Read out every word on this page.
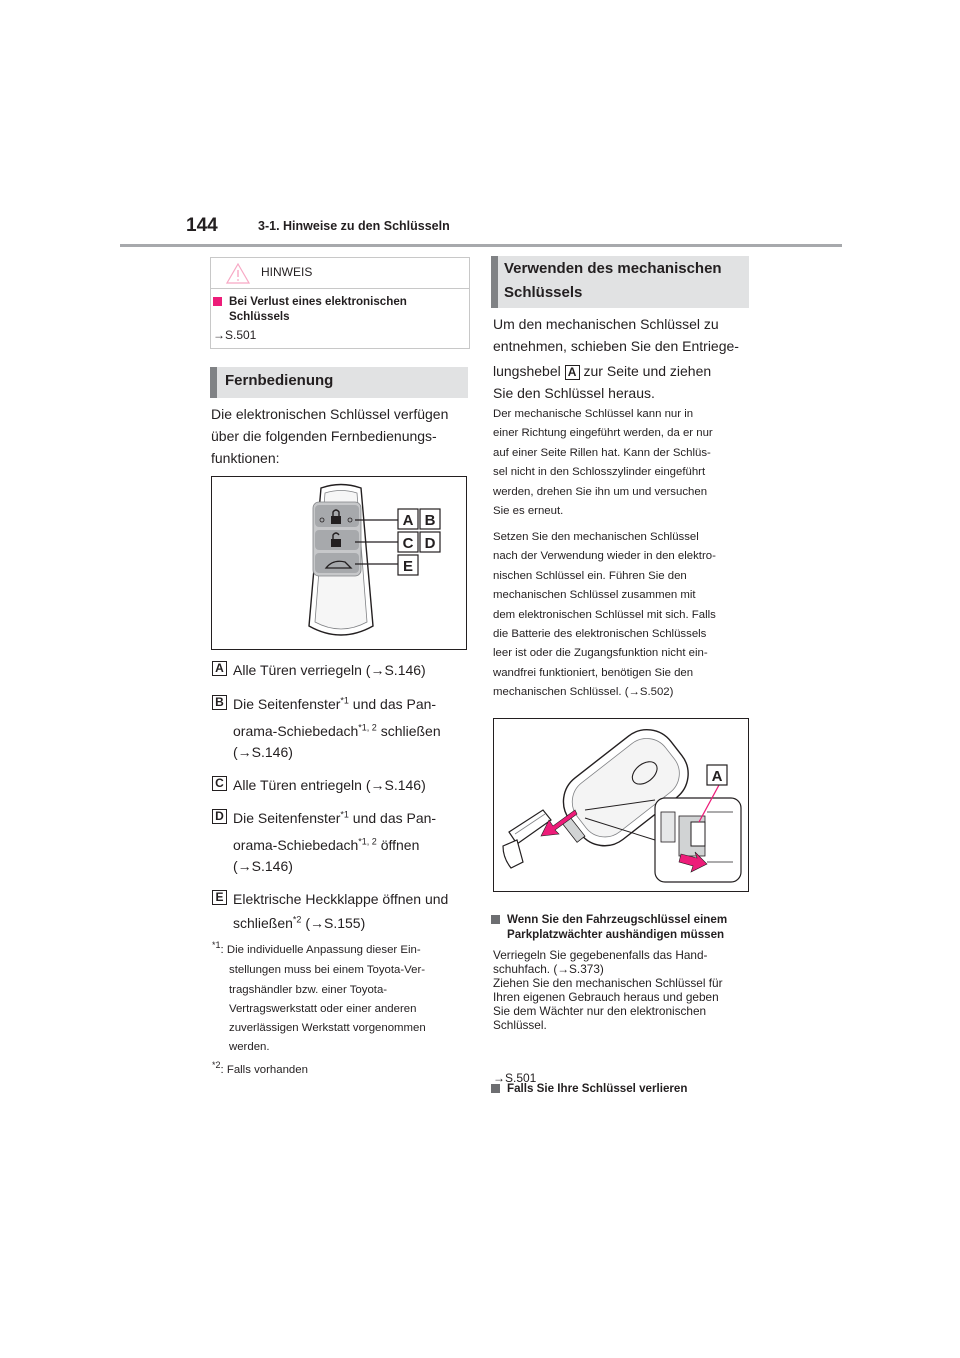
144	3-1. Hinweise zu den Schlüsseln
HINWEIS
Bei Verlust eines elektronischen
Schlüssels
→S.501
Fernbedienung
Die elektronischen Schlüssel verfügen
über die folgenden Fernbedienungs-
funktionen:
A B
C D
E
A Alle Türen verriegeln (→S.146)
B Die Seitenfenster$^{*1}$ und das Pan-
orama-Schiebedach$^{*1, 2}$ schließen
(→S.146)
C Alle Türen entriegeln (→S.146)
D Die Seitenfenster$^{*1}$ und das Pan-
orama-Schiebedach$^{*1, 2}$ öffnen
(→S.146)
E Elektrische Heckklappe öffnen und
schließen$^{*2}$ (→S.155)
$^{*1}$: Die individuelle Anpassung dieser Ein-
stellungen muss bei einem Toyota-Ver-
tragshändler bzw. einer Toyota-
Vertragswerkstatt oder einer anderen
zuverlässigen Werkstatt vorgenommen
werden.
$^{*2}$: Falls vorhanden
Verwenden des mechanischen
Schlüssels
Um den mechanischen Schlüssel zu
entnehmen, schieben Sie den Entriege-
lungshebel A zur Seite und ziehen
Sie den Schlüssel heraus.
Der mechanische Schlüssel kann nur in
einer Richtung eingeführt werden, da er nur
auf einer Seite Rillen hat. Kann der Schlüs-
sel nicht in den Schlosszylinder eingeführt
werden, drehen Sie ihn um und versuchen
Sie es erneut.
Setzen Sie den mechanischen Schlüssel
nach der Verwendung wieder in den elektro-
nischen Schlüssel ein. Führen Sie den
mechanischen Schlüssel zusammen mit
dem elektronischen Schlüssel mit sich. Falls
die Batterie des elektronischen Schlüssels
leer ist oder die Zugangsfunktion nicht ein-
wandfrei funktioniert, benötigen Sie den
mechanischen Schlüssel. (→S.502)
A
Wenn Sie den Fahrzeugschlüssel einem
Parkplatzwächter aushändigen müssen
Verriegeln Sie gegebenenfalls das Hand-
schuhfach. (→S.373)
Ziehen Sie den mechanischen Schlüssel für
Ihren eigenen Gebrauch heraus und geben
Sie dem Wächter nur den elektronischen
Schlüssel.
Falls Sie Ihre Schlüssel verlieren
→S.501
